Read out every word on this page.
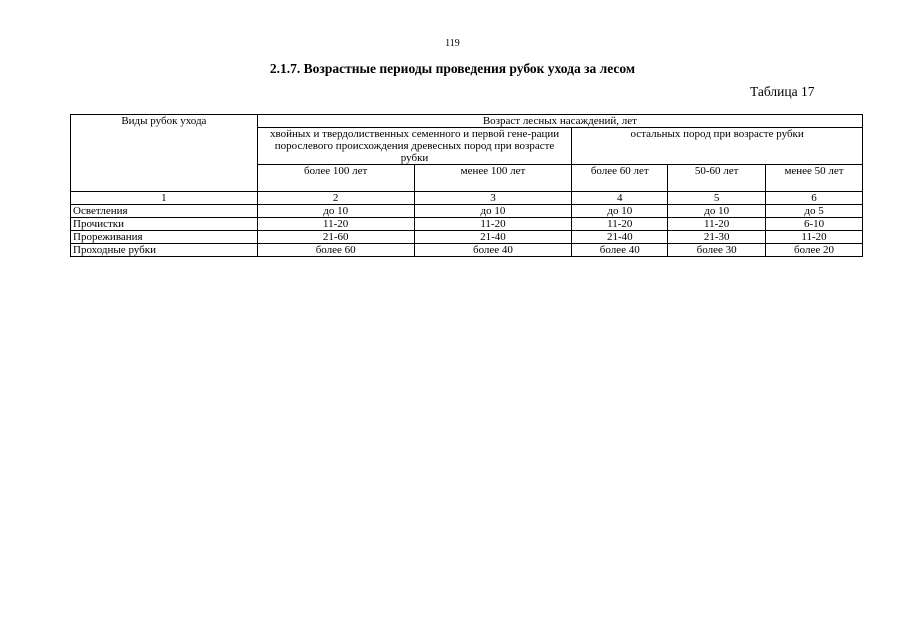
119
2.1.7. Возрастные периоды проведения рубок ухода за лесом
Таблица 17
Виды рубок ухода	Возраст лесных насаждений, лет				
	хвойных и твердолиственных семенного и первой гене-рации порослевого происхождения древесных пород при возрасте рубки		остальных пород при возрасте рубки		
	более 100 лет	менее 100 лет	более 60 лет	50-60 лет	менее 50 лет
1	2	3	4	5	6
Осветления	до 10	до 10	до 10	до 10	до 5
Прочистки	11-20	11-20	11-20	11-20	6-10
Прореживания	21-60	21-40	21-40	21-30	11-20
Проходные рубки	более 60	более 40	более 40	более 30	более 20
